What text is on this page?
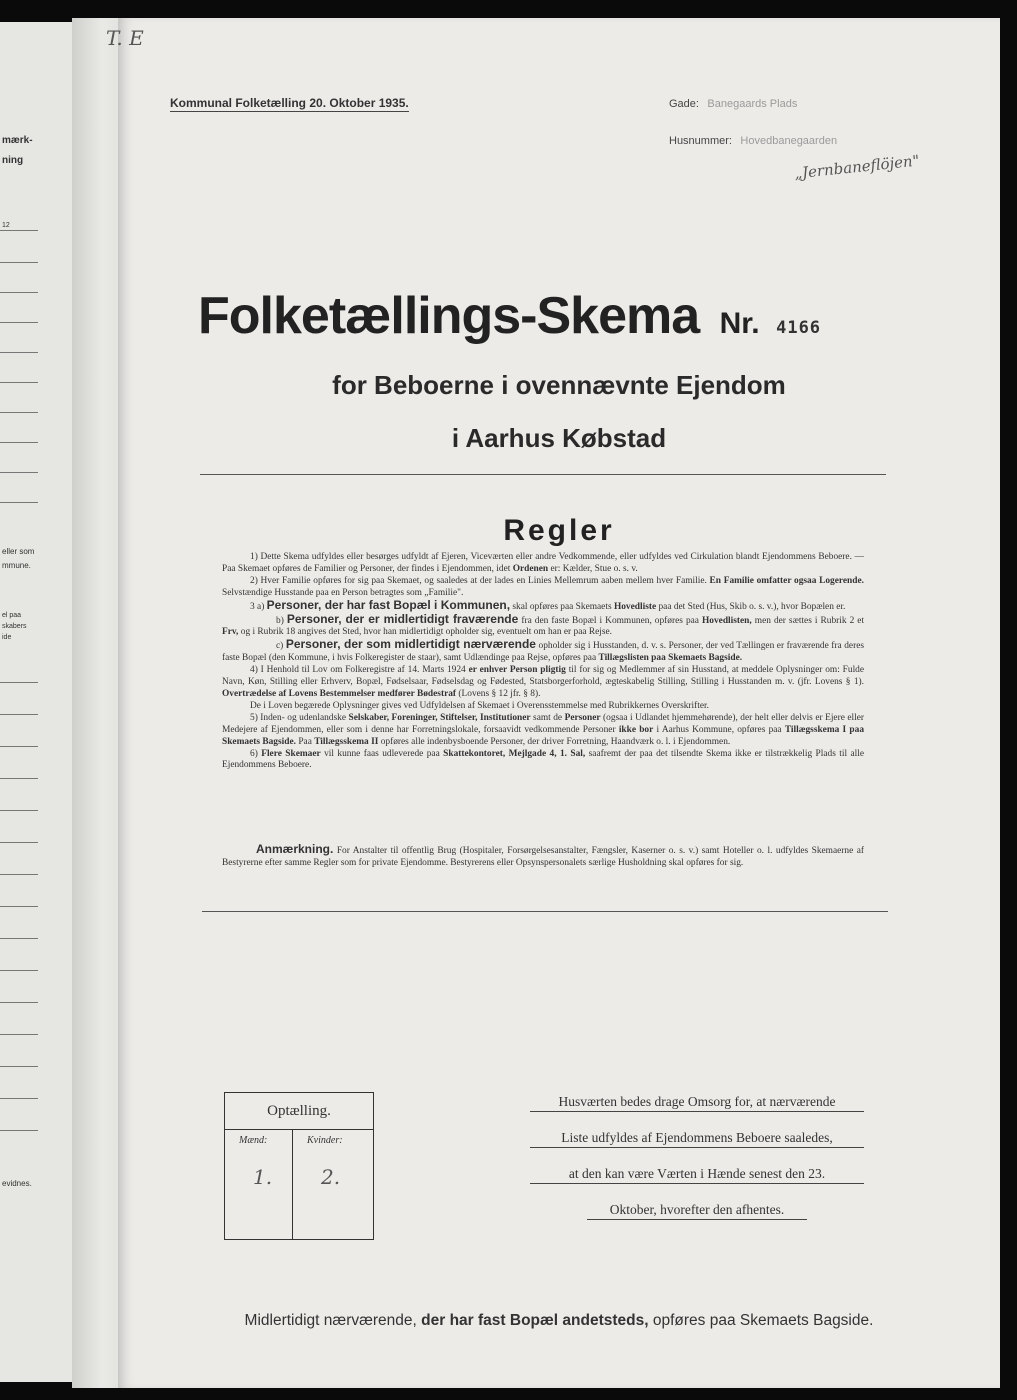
mærk-
ning
12
eller som
mmune.
el paa
skabers
ide
evidnes.
T. E
Kommunal Folketælling 20. Oktober 1935.	Gade: Banegaards Plads
Husnummer: Hovedbanegaarden
„Jernbaneflöjen"
Folketællings-Skema Nr. 4166
for Beboerne i ovennævnte Ejendom
i Aarhus Købstad
Regler

1) Dette Skema udfyldes eller besørges udfyldt af Ejeren, Viceværten eller andre Vedkommende, eller udfyldes ved Cirkulation blandt Ejendommens Beboere. — Paa Skemaet opføres de Familier og Personer, der findes i Ejendommen, idet Ordenen er: Kælder, Stue o. s. v.

2) Hver Familie opføres for sig paa Skemaet, og saaledes at der lades en Linies Mellemrum aaben mellem hver Familie. En Familie omfatter ogsaa Logerende. Selvstændige Husstande paa en Person betragtes som „Familie".

3 a) Personer, der har fast Bopæl i Kommunen, skal opføres paa Skemaets Hovedliste paa det Sted (Hus, Skib o. s. v.), hvor Bopælen er.

b) Personer, der er midlertidigt fraværende fra den faste Bopæl i Kommunen, opføres paa Hovedlisten, men der sættes i Rubrik 2 et Frv, og i Rubrik 18 angives det Sted, hvor han midlertidigt opholder sig, eventuelt om han er paa Rejse.

c) Personer, der som midlertidigt nærværende opholder sig i Husstanden, d. v. s. Personer, der ved Tællingen er fraværende fra deres faste Bopæl (den Kommune, i hvis Folkeregister de staar), samt Udlændinge paa Rejse, opføres paa Tillægslisten paa Skemaets Bagside.

4) I Henhold til Lov om Folkeregistre af 14. Marts 1924 er enhver Person pligtig til for sig og Medlemmer af sin Husstand, at meddele Oplysninger om: Fulde Navn, Køn, Stilling eller Erhverv, Bopæl, Fødselsaar, Fødselsdag og Fødested, Statsborgerforhold, ægteskabelig Stilling, Stilling i Husstanden m. v. (jfr. Lovens § 1). Overtrædelse af Lovens Bestemmelser medfører Bødestraf (Lovens § 12 jfr. § 8).

De i Loven begærede Oplysninger gives ved Udfyldelsen af Skemaet i Overensstemmelse med Rubrikkernes Overskrifter.

5) Inden- og udenlandske Selskaber, Foreninger, Stiftelser, Institutioner samt de Personer (ogsaa i Udlandet hjemmehørende), der helt eller delvis er Ejere eller Medejere af Ejendommen, eller som i denne har Forretningslokale, forsaavidt vedkommende Personer ikke bor i Aarhus Kommune, opføres paa Tillægsskema I paa Skemaets Bagside. Paa Tillægsskema II opføres alle indenbysboende Personer, der driver Forretning, Haandværk o. l. i Ejendommen.

6) Flere Skemaer vil kunne faas udleverede paa Skattekontoret, Mejlgade 4, 1. Sal, saafremt der paa det tilsendte Skema ikke er tilstrækkelig Plads til alle Ejendommens Beboere.

Anmærkning. For Anstalter til offentlig Brug (Hospitaler, Forsørgelsesanstalter, Fængsler, Kaserner o. s. v.) samt Hoteller o. l. udfyldes Skemaerne af Bestyrerne efter samme Regler som for private Ejendomme. Bestyrerens eller Opsynspersonalets særlige Husholdning skal opføres for sig.
Optælling.
Mænd:	Kvinder:
1. 2.
Husværten bedes drage Omsorg for, at nærværende
Liste udfyldes af Ejendommens Beboere saaledes,
at den kan være Værten i Hænde senest den 23.
Oktober, hvorefter den afhentes.
Midlertidigt nærværende, der har fast Bopæl andetsteds, opføres paa Skemaets Bagside.
